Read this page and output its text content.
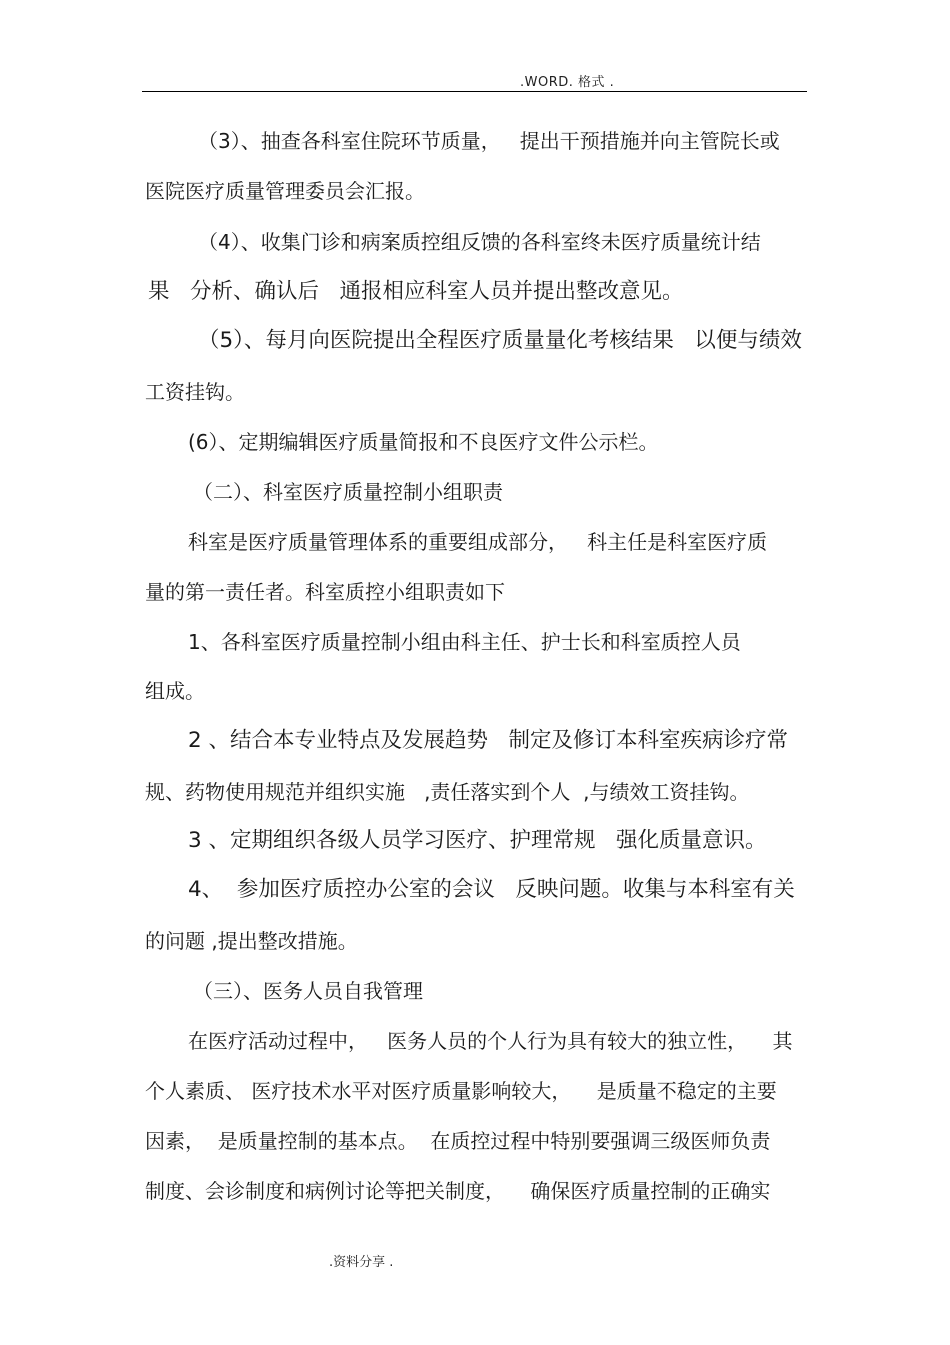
.WORD. 格式 .
（3）、抽查各科室住院环节质量，   提出干预措施并向主管院长或
医院医疗质量管理委员会汇报。
（4）、收集门诊和病案质控组反馈的各科室终未医疗质量统计结
果   分析、确认后   通报相应科室人员并提出整改意见。
（5）、每月向医院提出全程医疗质量量化考核结果   以便与绩效
工资挂钩。
(6）、定期编辑医疗质量简报和不良医疗文件公示栏。
（二）、科室医疗质量控制小组职责
科室是医疗质量管理体系的重要组成部分，   科主任是科室医疗质
量的第一责任者。科室质控小组职责如下
1、各科室医疗质量控制小组由科主任、护士长和科室质控人员
组成。
2 、结合本专业特点及发展趋势   制定及修订本科室疾病诊疗常
规、药物使用规范并组织实施   ,责任落实到个人  ,与绩效工资挂钩。
3 、定期组织各级人员学习医疗、护理常规   强化质量意识。
4、  参加医疗质控办公室的会议   反映问题。收集与本科室有关
的问题 ,提出整改措施。
（三）、医务人员自我管理
在医疗活动过程中，   医务人员的个人行为具有较大的独立性，    其
个人素质、 医疗技术水平对医疗质量影响较大，    是质量不稳定的主要
因素，  是质量控制的基本点。  在质控过程中特别要强调三级医师负责
制度、会诊制度和病例讨论等把关制度，    确保医疗质量控制的正确实
.资料分享 .
